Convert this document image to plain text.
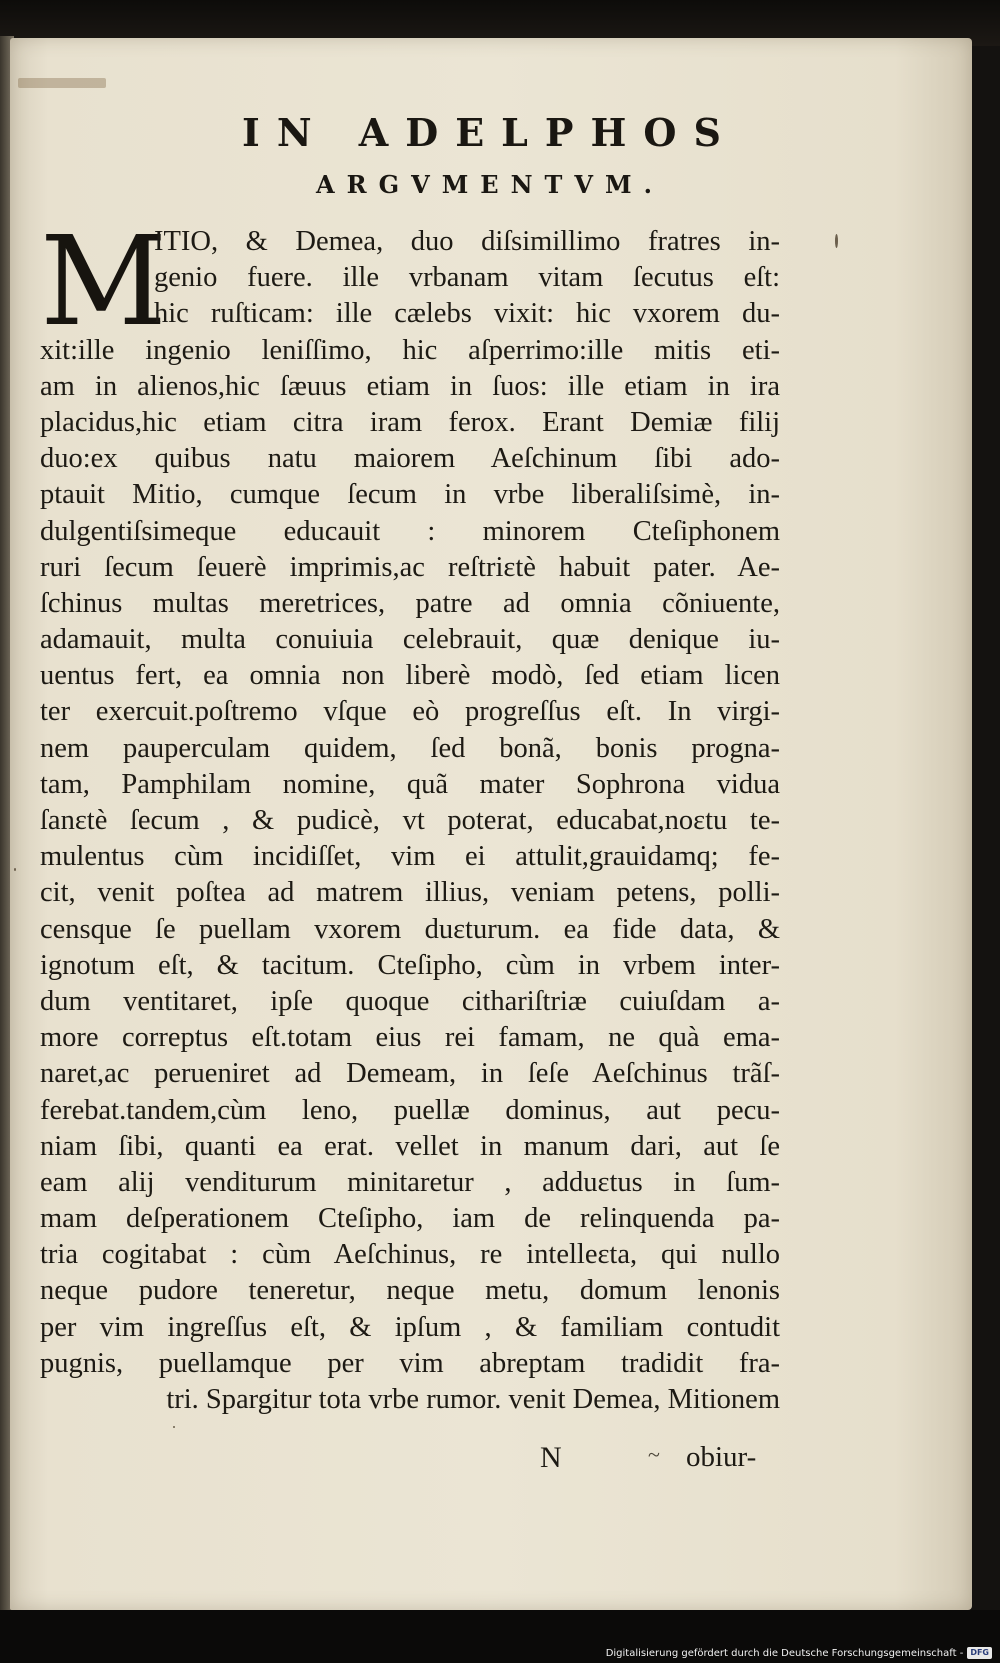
IN ADELPHOS
ARGVMENTVM.
M
ITIO, & Demea, duo diſsimillimo fratres in-
genio fuere. ille vrbanam vitam ſecutus eſt:
hic ruſticam: ille cælebs vixit: hic vxorem du-
xit:ille ingenio leniſſimo, hic aſperrimo:ille mitis eti-
am in alienos,hic ſæuus etiam in ſuos: ille etiam in ira
placidus,hic etiam citra iram ferox. Erant Demiæ filij
duo:ex quibus natu maiorem Aeſchinum ſibi ado-
ptauit Mitio, cumque ſecum in vrbe liberaliſsimè, in-
dulgentiſsimeque educauit : minorem Cteſiphonem
ruri ſecum ſeuerè imprimis,ac reſtriɛtè habuit pater. Ae-
ſchinus multas meretrices, patre ad omnia cõniuente,
adamauit, multa conuiuia celebrauit, quæ denique iu-
uentus fert, ea omnia non liberè modò, ſed etiam licen
ter exercuit.poſtremo vſque eò progreſſus eſt. In virgi-
nem pauperculam quidem, ſed bonã, bonis progna-
tam, Pamphilam nomine, quã mater Sophrona vidua
ſanɛtè ſecum , & pudicè, vt poterat, educabat,noɛtu te-
mulentus cùm incidiſſet, vim ei attulit,grauidamq; fe-
cit, venit poſtea ad matrem illius, veniam petens, polli-
censque ſe puellam vxorem duɛturum. ea fide data, &
ignotum eſt, & tacitum. Cteſipho, cùm in vrbem inter-
dum ventitaret, ipſe quoque cithariſtriæ cuiuſdam a-
more correptus eſt.totam eius rei famam, ne quà ema-
naret,ac perueniret ad Demeam, in ſeſe Aeſchinus trãſ-
ferebat.tandem,cùm leno, puellæ dominus, aut pecu-
niam ſibi, quanti ea erat. vellet in manum dari, aut ſe
eam alij venditurum minitaretur , adduɛtus in ſum-
mam deſperationem Cteſipho, iam de relinquenda pa-
tria cogitabat : cùm Aeſchinus, re intelleɛta, qui nullo
neque pudore teneretur, neque metu, domum lenonis
per vim ingreſſus eſt, & ipſum , & familiam contudit
pugnis, puellamque per vim abreptam tradidit fra-
tri. Spargitur tota vrbe rumor. venit Demea, Mitionem
N	~ obiur-
Digitalisierung gefördert durch die Deutsche Forschungsgemeinschaft - DFG
